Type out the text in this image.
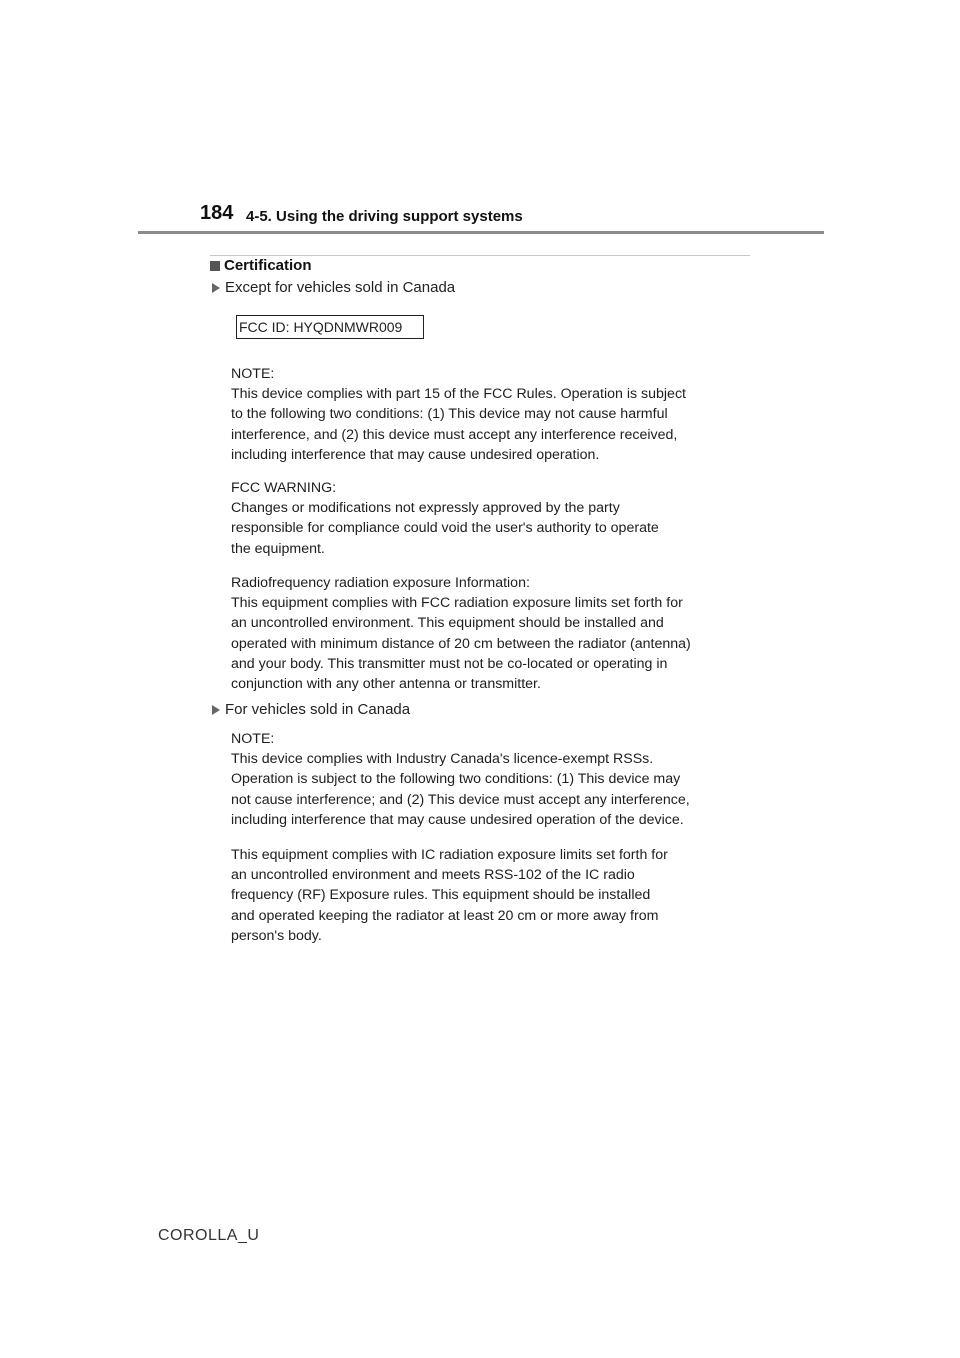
184 4-5. Using the driving support systems
Certification
Except for vehicles sold in Canada
FCC ID: HYQDNMWR009

NOTE:

This device complies with part 15 of the FCC Rules. Operation is subject

to the following two conditions: (1) This device may not cause harmful

interference, and (2) this device must accept any interference received,

including interference that may cause undesired operation.

FCC WARNING:

Changes or modifications not expressly approved by the party

responsible for compliance could void the user's authority to operate

the equipment.

Radiofrequency radiation exposure Information:

This equipment complies with FCC radiation exposure limits set forth for

an uncontrolled environment. This equipment should be installed and

operated with minimum distance of 20 cm between the radiator (antenna)

and your body. This transmitter must not be co-located or operating in

conjunction with any other antenna or transmitter.

For vehicles sold in Canada

NOTE:

This device complies with Industry Canada's licence-exempt RSSs.

Operation is subject to the following two conditions: (1) This device may

not cause interference; and (2) This device must accept any interference,

including interference that may cause undesired operation of the device.

This equipment complies with IC radiation exposure limits set forth for

an uncontrolled environment and meets RSS-102 of the IC radio

frequency (RF) Exposure rules. This equipment should be installed

and operated keeping the radiator at least 20 cm or more away from

person's body.

COROLLA_U
